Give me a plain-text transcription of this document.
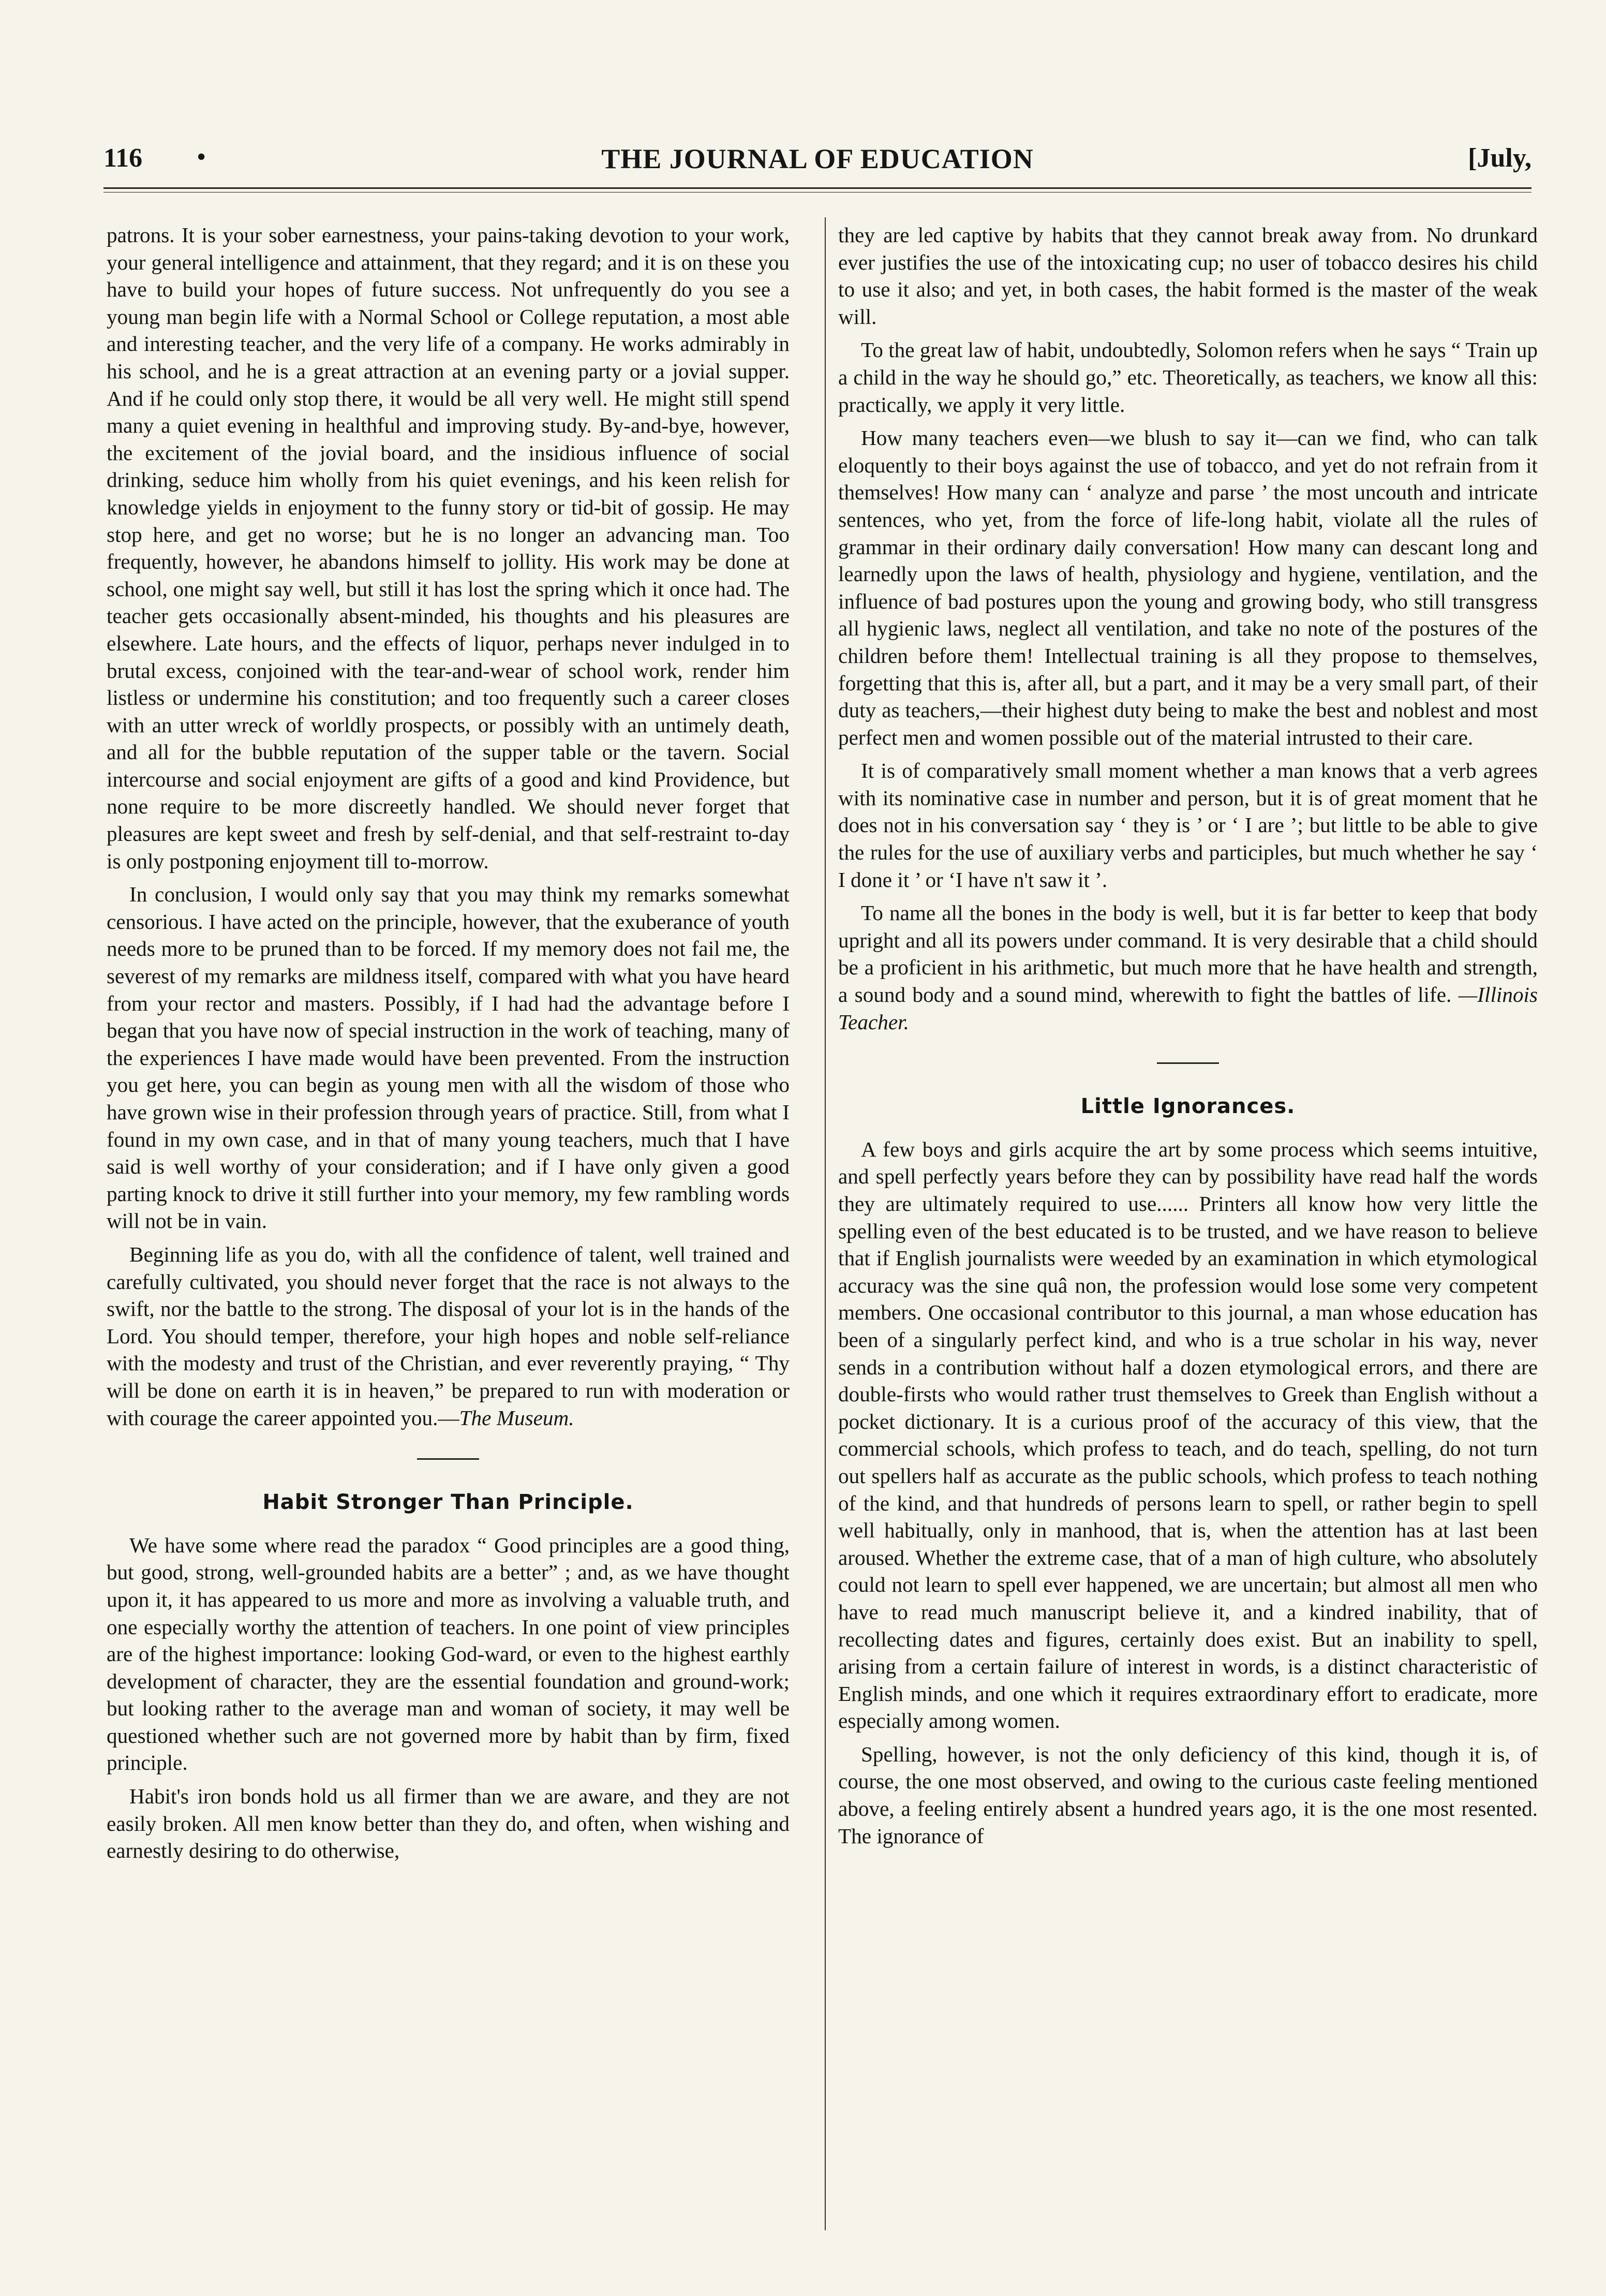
116 •	THE JOURNAL OF EDUCATION	[July,

patrons. It is your sober earnestness, your pains-taking devotion to your work, your general intelligence and attainment, that they regard; and it is on these you have to build your hopes of future success. Not unfrequently do you see a young man begin life with a Normal School or College reputation, a most able and interesting teacher, and the very life of a company. He works admirably in his school, and he is a great attraction at an evening party or a jovial supper. And if he could only stop there, it would be all very well. He might still spend many a quiet evening in healthful and improving study. By-and-bye, however, the excitement of the jovial board, and the insidious influence of social drinking, seduce him wholly from his quiet evenings, and his keen relish for knowledge yields in enjoyment to the funny story or tid-bit of gossip. He may stop here, and get no worse; but he is no longer an advancing man. Too frequently, however, he abandons himself to jollity. His work may be done at school, one might say well, but still it has lost the spring which it once had. The teacher gets occasionally absent-minded, his thoughts and his pleasures are elsewhere. Late hours, and the effects of liquor, perhaps never indulged in to brutal excess, conjoined with the tear-and-wear of school work, render him listless or undermine his constitution; and too frequently such a career closes with an utter wreck of worldly prospects, or possibly with an untimely death, and all for the bubble reputation of the supper table or the tavern. Social intercourse and social enjoyment are gifts of a good and kind Providence, but none require to be more discreetly handled. We should never forget that pleasures are kept sweet and fresh by self-denial, and that self-restraint to-day is only postponing enjoyment till to-morrow.

In conclusion, I would only say that you may think my remarks somewhat censorious. I have acted on the principle, however, that the exuberance of youth needs more to be pruned than to be forced. If my memory does not fail me, the severest of my remarks are mildness itself, compared with what you have heard from your rector and masters. Possibly, if I had had the advantage before I began that you have now of special instruction in the work of teaching, many of the experiences I have made would have been prevented. From the instruction you get here, you can begin as young men with all the wisdom of those who have grown wise in their profession through years of practice. Still, from what I found in my own case, and in that of many young teachers, much that I have said is well worthy of your consideration; and if I have only given a good parting knock to drive it still further into your memory, my few rambling words will not be in vain.

Beginning life as you do, with all the confidence of talent, well trained and carefully cultivated, you should never forget that the race is not always to the swift, nor the battle to the strong. The disposal of your lot is in the hands of the Lord. You should temper, therefore, your high hopes and noble self-reliance with the modesty and trust of the Christian, and ever reverently praying, “ Thy will be done on earth it is in heaven,” be prepared to run with moderation or with courage the career appointed you.—The Museum.

Habit Stronger Than Principle.

We have some where read the paradox “ Good principles are a good thing, but good, strong, well-grounded habits are a better” ; and, as we have thought upon it, it has appeared to us more and more as involving a valuable truth, and one especially worthy the attention of teachers. In one point of view principles are of the highest importance: looking God-ward, or even to the highest earthly development of character, they are the essential foundation and ground-work; but looking rather to the average man and woman of society, it may well be questioned whether such are not governed more by habit than by firm, fixed principle.

Habit's iron bonds hold us all firmer than we are aware, and they are not easily broken. All men know better than they do, and often, when wishing and earnestly desiring to do otherwise,

they are led captive by habits that they cannot break away from. No drunkard ever justifies the use of the intoxicating cup; no user of tobacco desires his child to use it also; and yet, in both cases, the habit formed is the master of the weak will.

To the great law of habit, undoubtedly, Solomon refers when he says “ Train up a child in the way he should go,” etc. Theoretically, as teachers, we know all this: practically, we apply it very little.

How many teachers even—we blush to say it—can we find, who can talk eloquently to their boys against the use of tobacco, and yet do not refrain from it themselves! How many can ‘ analyze and parse ’ the most uncouth and intricate sentences, who yet, from the force of life-long habit, violate all the rules of grammar in their ordinary daily conversation! How many can descant long and learnedly upon the laws of health, physiology and hygiene, ventilation, and the influence of bad postures upon the young and growing body, who still transgress all hygienic laws, neglect all ventilation, and take no note of the postures of the children before them! Intellectual training is all they propose to themselves, forgetting that this is, after all, but a part, and it may be a very small part, of their duty as teachers,—their highest duty being to make the best and noblest and most perfect men and women possible out of the material intrusted to their care.

It is of comparatively small moment whether a man knows that a verb agrees with its nominative case in number and person, but it is of great moment that he does not in his conversation say ‘ they is ’ or ‘ I are ’; but little to be able to give the rules for the use of auxiliary verbs and participles, but much whether he say ‘ I done it ’ or ‘I have n't saw it ’.

To name all the bones in the body is well, but it is far better to keep that body upright and all its powers under command. It is very desirable that a child should be a proficient in his arithmetic, but much more that he have health and strength, a sound body and a sound mind, wherewith to fight the battles of life. —Illinois Teacher.

Little Ignorances.

A few boys and girls acquire the art by some process which seems intuitive, and spell perfectly years before they can by possibility have read half the words they are ultimately required to use...... Printers all know how very little the spelling even of the best educated is to be trusted, and we have reason to believe that if English journalists were weeded by an examination in which etymological accuracy was the sine quâ non, the profession would lose some very competent members. One occasional contributor to this journal, a man whose education has been of a singularly perfect kind, and who is a true scholar in his way, never sends in a contribution without half a dozen etymological errors, and there are double-firsts who would rather trust themselves to Greek than English without a pocket dictionary. It is a curious proof of the accuracy of this view, that the commercial schools, which profess to teach, and do teach, spelling, do not turn out spellers half as accurate as the public schools, which profess to teach nothing of the kind, and that hundreds of persons learn to spell, or rather begin to spell well habitually, only in manhood, that is, when the attention has at last been aroused. Whether the extreme case, that of a man of high culture, who absolutely could not learn to spell ever happened, we are uncertain; but almost all men who have to read much manuscript believe it, and a kindred inability, that of recollecting dates and figures, certainly does exist. But an inability to spell, arising from a certain failure of interest in words, is a distinct characteristic of English minds, and one which it requires extraordinary effort to eradicate, more especially among women.

Spelling, however, is not the only deficiency of this kind, though it is, of course, the one most observed, and owing to the curious caste feeling mentioned above, a feeling entirely absent a hundred years ago, it is the one most resented. The ignorance of
